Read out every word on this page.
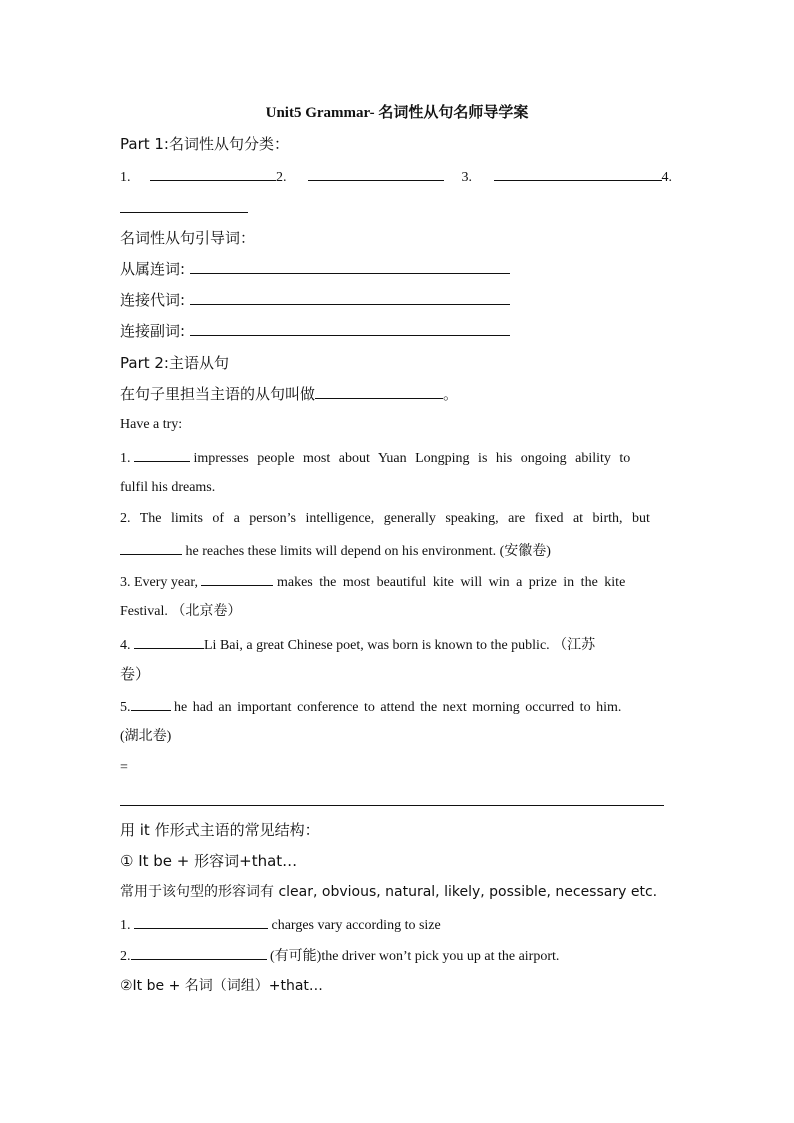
Unit5 Grammar- 名词性从句名师导学案
Part 1:名词性从句分类：
1.	2.	3.	4.
名词性从句引导词：
从属连词:
连接代词:
连接副词:
Part 2:主语从句
在句子里担当主语的从句叫做	。
Have a try:
1.	impresses people most about Yuan Longping is his ongoing ability to
fulfil his dreams.
2. The limits of a person’s intelligence, generally speaking, are fixed at birth, but
he reaches these limits will depend on his environment. (安徽卷)
3. Every year,	makes the most beautiful kite will win a prize in the kite
Festival. （北京卷）
4.	Li Bai, a great Chinese poet, was born is known to the public. （江苏
卷）
5.	he had an important conference to attend the next morning occurred to him.
(湖北卷)
=
用 it 作形式主语的常见结构：
① It be + 形容词+that…
常用于该句型的形容词有 clear, obvious, natural, likely, possible, necessary etc.
1.	charges vary according to size
2.	(有可能)the driver won’t pick you up at the airport.
②It be + 名词（词组）+that…
